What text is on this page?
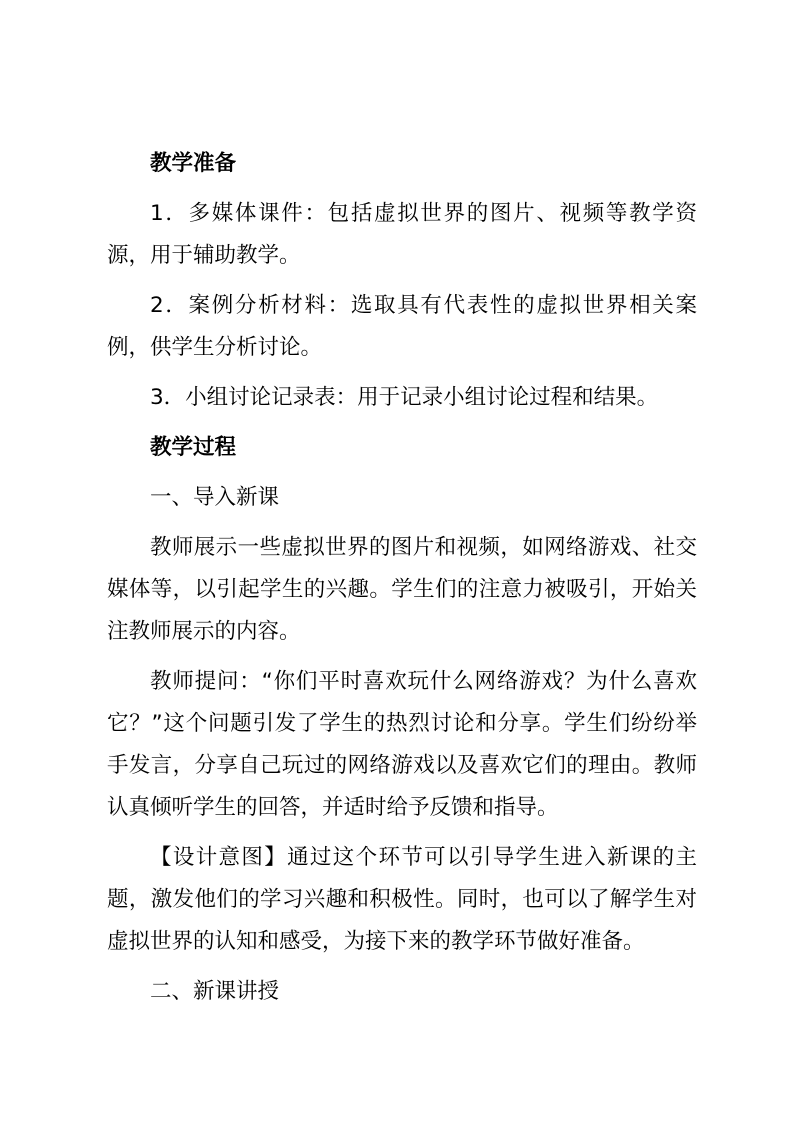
教学准备

1．多媒体课件：包括虚拟世界的图片、视频等教学资源，用于辅助教学。

2．案例分析材料：选取具有代表性的虚拟世界相关案例，供学生分析讨论。

3．小组讨论记录表：用于记录小组讨论过程和结果。

教学过程

一、导入新课

教师展示一些虚拟世界的图片和视频，如网络游戏、社交媒体等，以引起学生的兴趣。学生们的注意力被吸引，开始关注教师展示的内容。

教师提问：“你们平时喜欢玩什么网络游戏？为什么喜欢它？”这个问题引发了学生的热烈讨论和分享。学生们纷纷举手发言，分享自己玩过的网络游戏以及喜欢它们的理由。教师认真倾听学生的回答，并适时给予反馈和指导。

【设计意图】通过这个环节可以引导学生进入新课的主题，激发他们的学习兴趣和积极性。同时，也可以了解学生对虚拟世界的认知和感受，为接下来的教学环节做好准备。

二、新课讲授
